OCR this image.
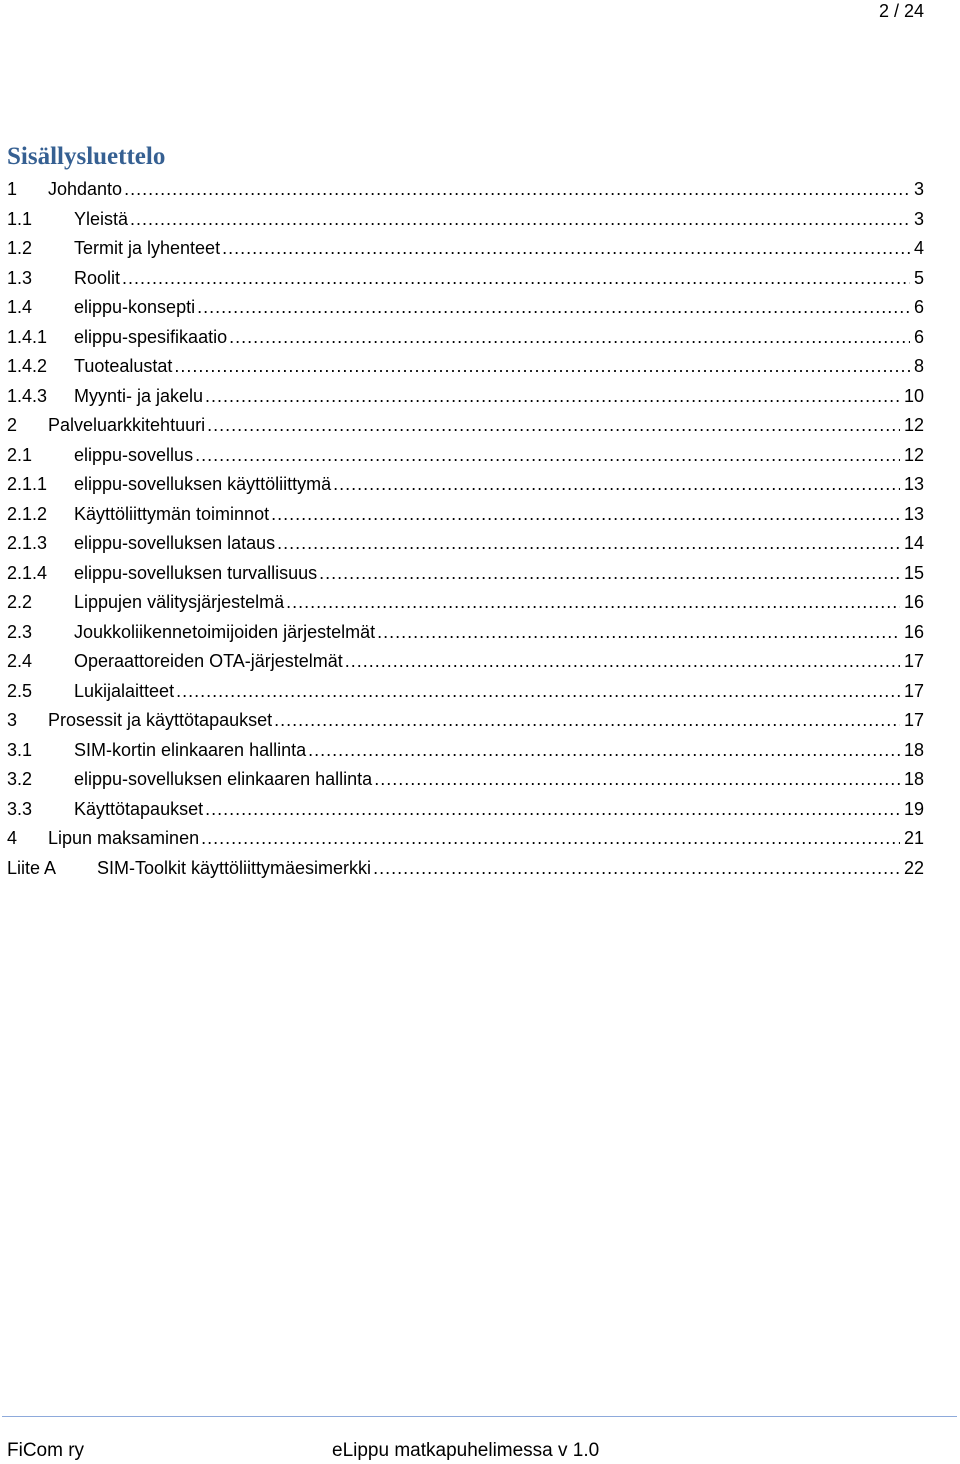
2 / 24
Sisällysluettelo
1	Johdanto .....	3
1.1	Yleistä .....	3
1.2	Termit ja lyhenteet .....	4
1.3	Roolit .....	5
1.4	elippu-konsepti .....	6
1.4.1	elippu-spesifikaatio .....	6
1.4.2	Tuotealustat .....	8
1.4.3	Myynti- ja jakelu .....	10
2	Palveluarkkitehtuuri .....	12
2.1	elippu-sovellus .....	12
2.1.1	elippu-sovelluksen käyttöliittymä .....	13
2.1.2	Käyttöliittymän toiminnot .....	13
2.1.3	elippu-sovelluksen lataus .....	14
2.1.4	elippu-sovelluksen turvallisuus .....	15
2.2	Lippujen välitysjärjestelmä .....	16
2.3	Joukkoliikennetoimijoiden järjestelmät .....	16
2.4	Operaattoreiden OTA-järjestelmät .....	17
2.5	Lukijalaitteet .....	17
3	Prosessit ja käyttötapaukset .....	17
3.1	SIM-kortin elinkaaren hallinta .....	18
3.2	elippu-sovelluksen elinkaaren hallinta .....	18
3.3	Käyttötapaukset .....	19
4	Lipun maksaminen .....	21
Liite A	SIM-Toolkit käyttöliittymäesimerkki .....	22
FiCom ry	eLippu matkapuhelimessa v 1.0
